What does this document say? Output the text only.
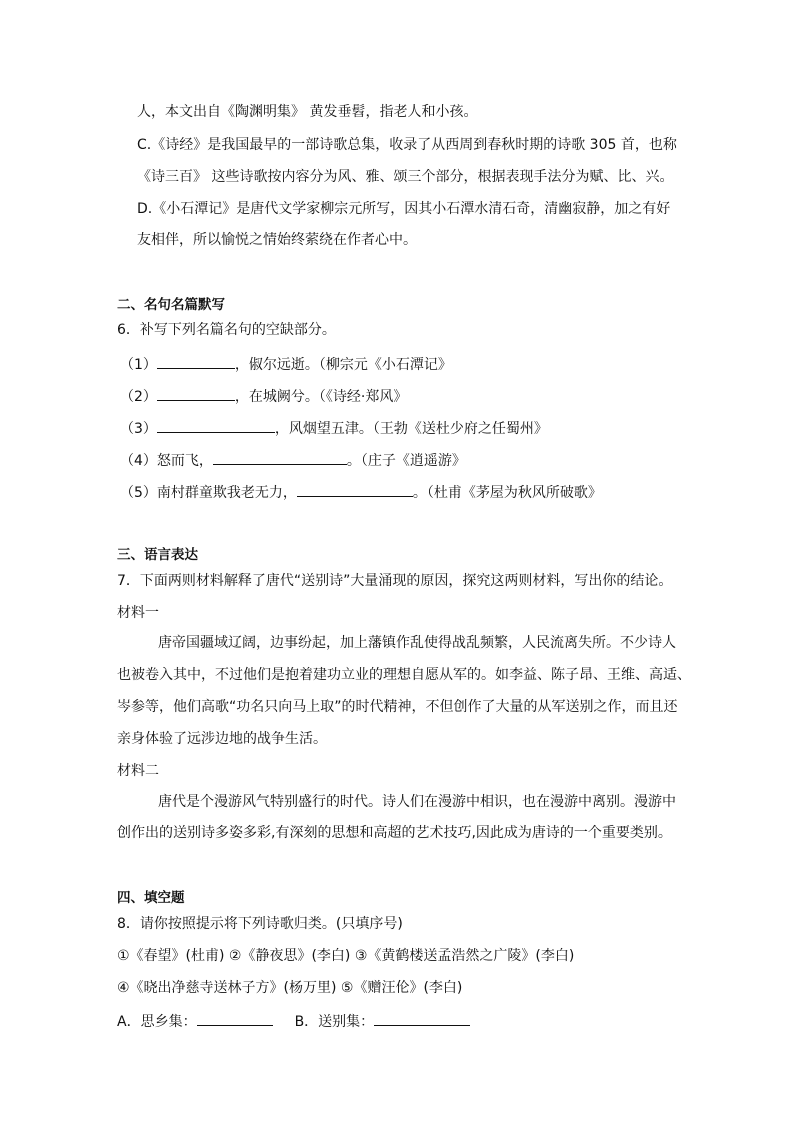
人，本文出自《陶渊明集》 黄发垂髫，指老人和小孩。
C.《诗经》是我国最早的一部诗歌总集，收录了从西周到春秋时期的诗歌 305 首，也称
《诗三百》 这些诗歌按内容分为风、雅、颂三个部分，根据表现手法分为赋、比、兴。
D.《小石潭记》是唐代文学家柳宗元所写，因其小石潭水清石奇，清幽寂静，加之有好
友相伴，所以愉悦之情始终萦绕在作者心中。
二、名句名篇默写
6．补写下列名篇名句的空缺部分。
（1）	，俶尔远逝。（柳宗元《小石潭记》
（2）	，在城阙兮。（《诗经·郑风》
（3）	，风烟望五津。（王勃《送杜少府之任蜀州》
（4）怒而飞，	。（庄子《逍遥游》
（5）南村群童欺我老无力，	。（杜甫《茅屋为秋风所破歌》
三、语言表达
7．下面两则材料解释了唐代“送别诗”大量涌现的原因，探究这两则材料，写出你的结论。
材料一
唐帝国疆域辽阔，边事纷起，加上藩镇作乱使得战乱频繁，人民流离失所。不少诗人
也被卷入其中，不过他们是抱着建功立业的理想自愿从军的。如李益、陈子昂、王维、高适、
岑参等，他们高歌“功名只向马上取”的时代精神，不但创作了大量的从军送别之作，而且还
亲身体验了远涉边地的战争生活。
材料二
唐代是个漫游风气特别盛行的时代。诗人们在漫游中相识，也在漫游中离别。漫游中
创作出的送别诗多姿多彩,有深刻的思想和高超的艺术技巧,因此成为唐诗的一个重要类别。
四、填空题
8．请你按照提示将下列诗歌归类。(只填序号)
①《春望》(杜甫) ②《静夜思》(李白) ③《黄鹤楼送孟浩然之广陵》(李白)
④《晓出净慈寺送林子方》(杨万里) ⑤《赠汪伦》(李白)
A．思乡集：	B．送别集：
